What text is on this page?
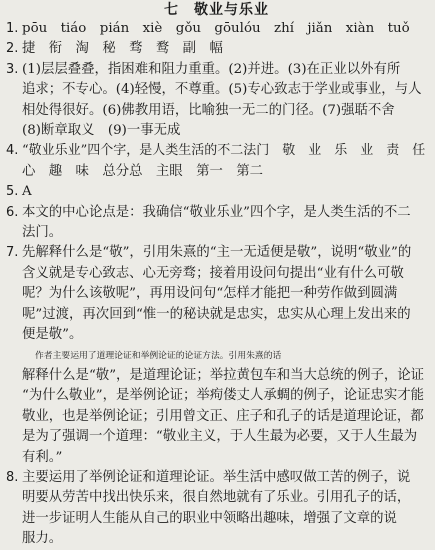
七　敬业与乐业
1. pōu　tiáo　pián　xiè　gǒu　gōulóu　zhí　jiǎn　xiàn　tuǒ
2. 捷　衔　淘　秘　骛　鹜　副　幅
3. (1)层层叠叠，指困难和阻力重重。(2)并进。(3)在正业以外有所
追求；不专心。(4)轻慢，不尊重。(5)专心致志于学业或事业，与人
相处得很好。(6)佛教用语，比喻独一无二的门径。(7)强聒不舍
(8)断章取义　(9)一事无成
4. “敬业乐业”四个字，是人类生活的不二法门　敬　业　乐　业　责　任
心　趣　味　总分总　主眼　第一　第二
5. A
6. 本文的中心论点是：我确信“敬业乐业”四个字，是人类生活的不二
法门。
7. 先解释什么是“敬”，引用朱熹的“主一无适便是敬”，说明“敬业”的
含义就是专心致志、心无旁骛；接着用设问句提出“业有什么可敬
呢？为什么该敬呢”，再用设问句“怎样才能把一种劳作做到圆满
呢”过渡，再次回到“惟一的秘诀就是忠实，忠实从心理上发出来的
便是敬”。
作者主要运用了道理论证和举例论证的论证方法。引用朱熹的话
解释什么是“敬”，是道理论证；举拉黄包车和当大总统的例子，论证
“为什么敬业”，是举例论证；举痀偻丈人承蜩的例子，论证忠实才能
敬业，也是举例论证；引用曾文正、庄子和孔子的话是道理论证，都
是为了强调一个道理：“敬业主义，于人生最为必要，又于人生最为
有利。”
8. 主要运用了举例论证和道理论证。举生活中感叹做工苦的例子，说
明要从劳苦中找出快乐来，很自然地就有了乐业。引用孔子的话，
进一步证明人生能从自己的职业中领略出趣味，增强了文章的说
服力。
